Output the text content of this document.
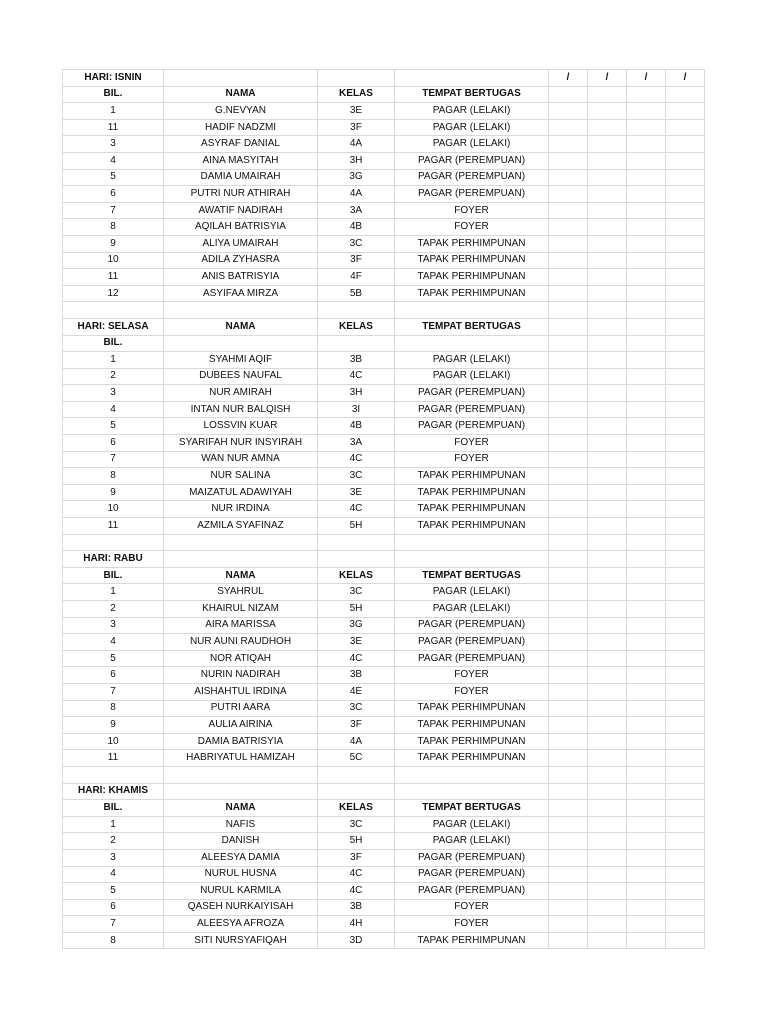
HARI: ISNIN				/	/	/	/
BIL.	NAMA	KELAS	TEMPAT BERTUGAS				
1	G.NEVYAN	3E	PAGAR (LELAKI)				
11	HADIF NADZMI	3F	PAGAR (LELAKI)				
3	ASYRAF DANIAL	4A	PAGAR (LELAKI)				
4	AINA MASYITAH	3H	PAGAR (PEREMPUAN)				
5	DAMIA UMAIRAH	3G	PAGAR (PEREMPUAN)				
6	PUTRI NUR ATHIRAH	4A	PAGAR (PEREMPUAN)				
7	AWATIF NADIRAH	3A	FOYER				
8	AQILAH BATRISYIA	4B	FOYER				
9	ALIYA UMAIRAH	3C	TAPAK PERHIMPUNAN				
10	ADILA ZYHASRA	3F	TAPAK PERHIMPUNAN				
11	ANIS BATRISYIA	4F	TAPAK PERHIMPUNAN				
12	ASYIFAA MIRZA	5B	TAPAK PERHIMPUNAN				

HARI: SELASA	NAMA	KELAS	TEMPAT BERTUGAS				
BIL.							
1	SYAHMI AQIF	3B	PAGAR (LELAKI)				
2	DUBEES NAUFAL	4C	PAGAR (LELAKI)				
3	NUR AMIRAH	3H	PAGAR (PEREMPUAN)				
4	INTAN NUR BALQISH	3I	PAGAR (PEREMPUAN)				
5	LOSSVIN KUAR	4B	PAGAR (PEREMPUAN)				
6	SYARIFAH NUR INSYIRAH	3A	FOYER				
7	WAN NUR AMNA	4C	FOYER				
8	NUR SALINA	3C	TAPAK PERHIMPUNAN				
9	MAIZATUL ADAWIYAH	3E	TAPAK PERHIMPUNAN				
10	NUR IRDINA	4C	TAPAK PERHIMPUNAN				
11	AZMILA SYAFINAZ	5H	TAPAK PERHIMPUNAN				

HARI: RABU							
BIL.	NAMA	KELAS	TEMPAT BERTUGAS				
1	SYAHRUL	3C	PAGAR (LELAKI)				
2	KHAIRUL NIZAM	5H	PAGAR (LELAKI)				
3	AIRA MARISSA	3G	PAGAR (PEREMPUAN)				
4	NUR AUNI RAUDHOH	3E	PAGAR (PEREMPUAN)				
5	NOR ATIQAH	4C	PAGAR (PEREMPUAN)				
6	NURIN NADIRAH	3B	FOYER				
7	AISHAHTUL IRDINA	4E	FOYER				
8	PUTRI AARA	3C	TAPAK PERHIMPUNAN				
9	AULIA AIRINA	3F	TAPAK PERHIMPUNAN				
10	DAMIA BATRISYIA	4A	TAPAK PERHIMPUNAN				
11	HABRIYATUL HAMIZAH	5C	TAPAK PERHIMPUNAN				

HARI: KHAMIS							
BIL.	NAMA	KELAS	TEMPAT BERTUGAS				
1	NAFIS	3C	PAGAR (LELAKI)				
2	DANISH	5H	PAGAR (LELAKI)				
3	ALEESYA DAMIA	3F	PAGAR (PEREMPUAN)				
4	NURUL HUSNA	4C	PAGAR (PEREMPUAN)				
5	NURUL KARMILA	4C	PAGAR (PEREMPUAN)				
6	QASEH NURKAIYISAH	3B	FOYER				
7	ALEESYA AFROZA	4H	FOYER				
8	SITI NURSYAFIQAH	3D	TAPAK PERHIMPUNAN				
